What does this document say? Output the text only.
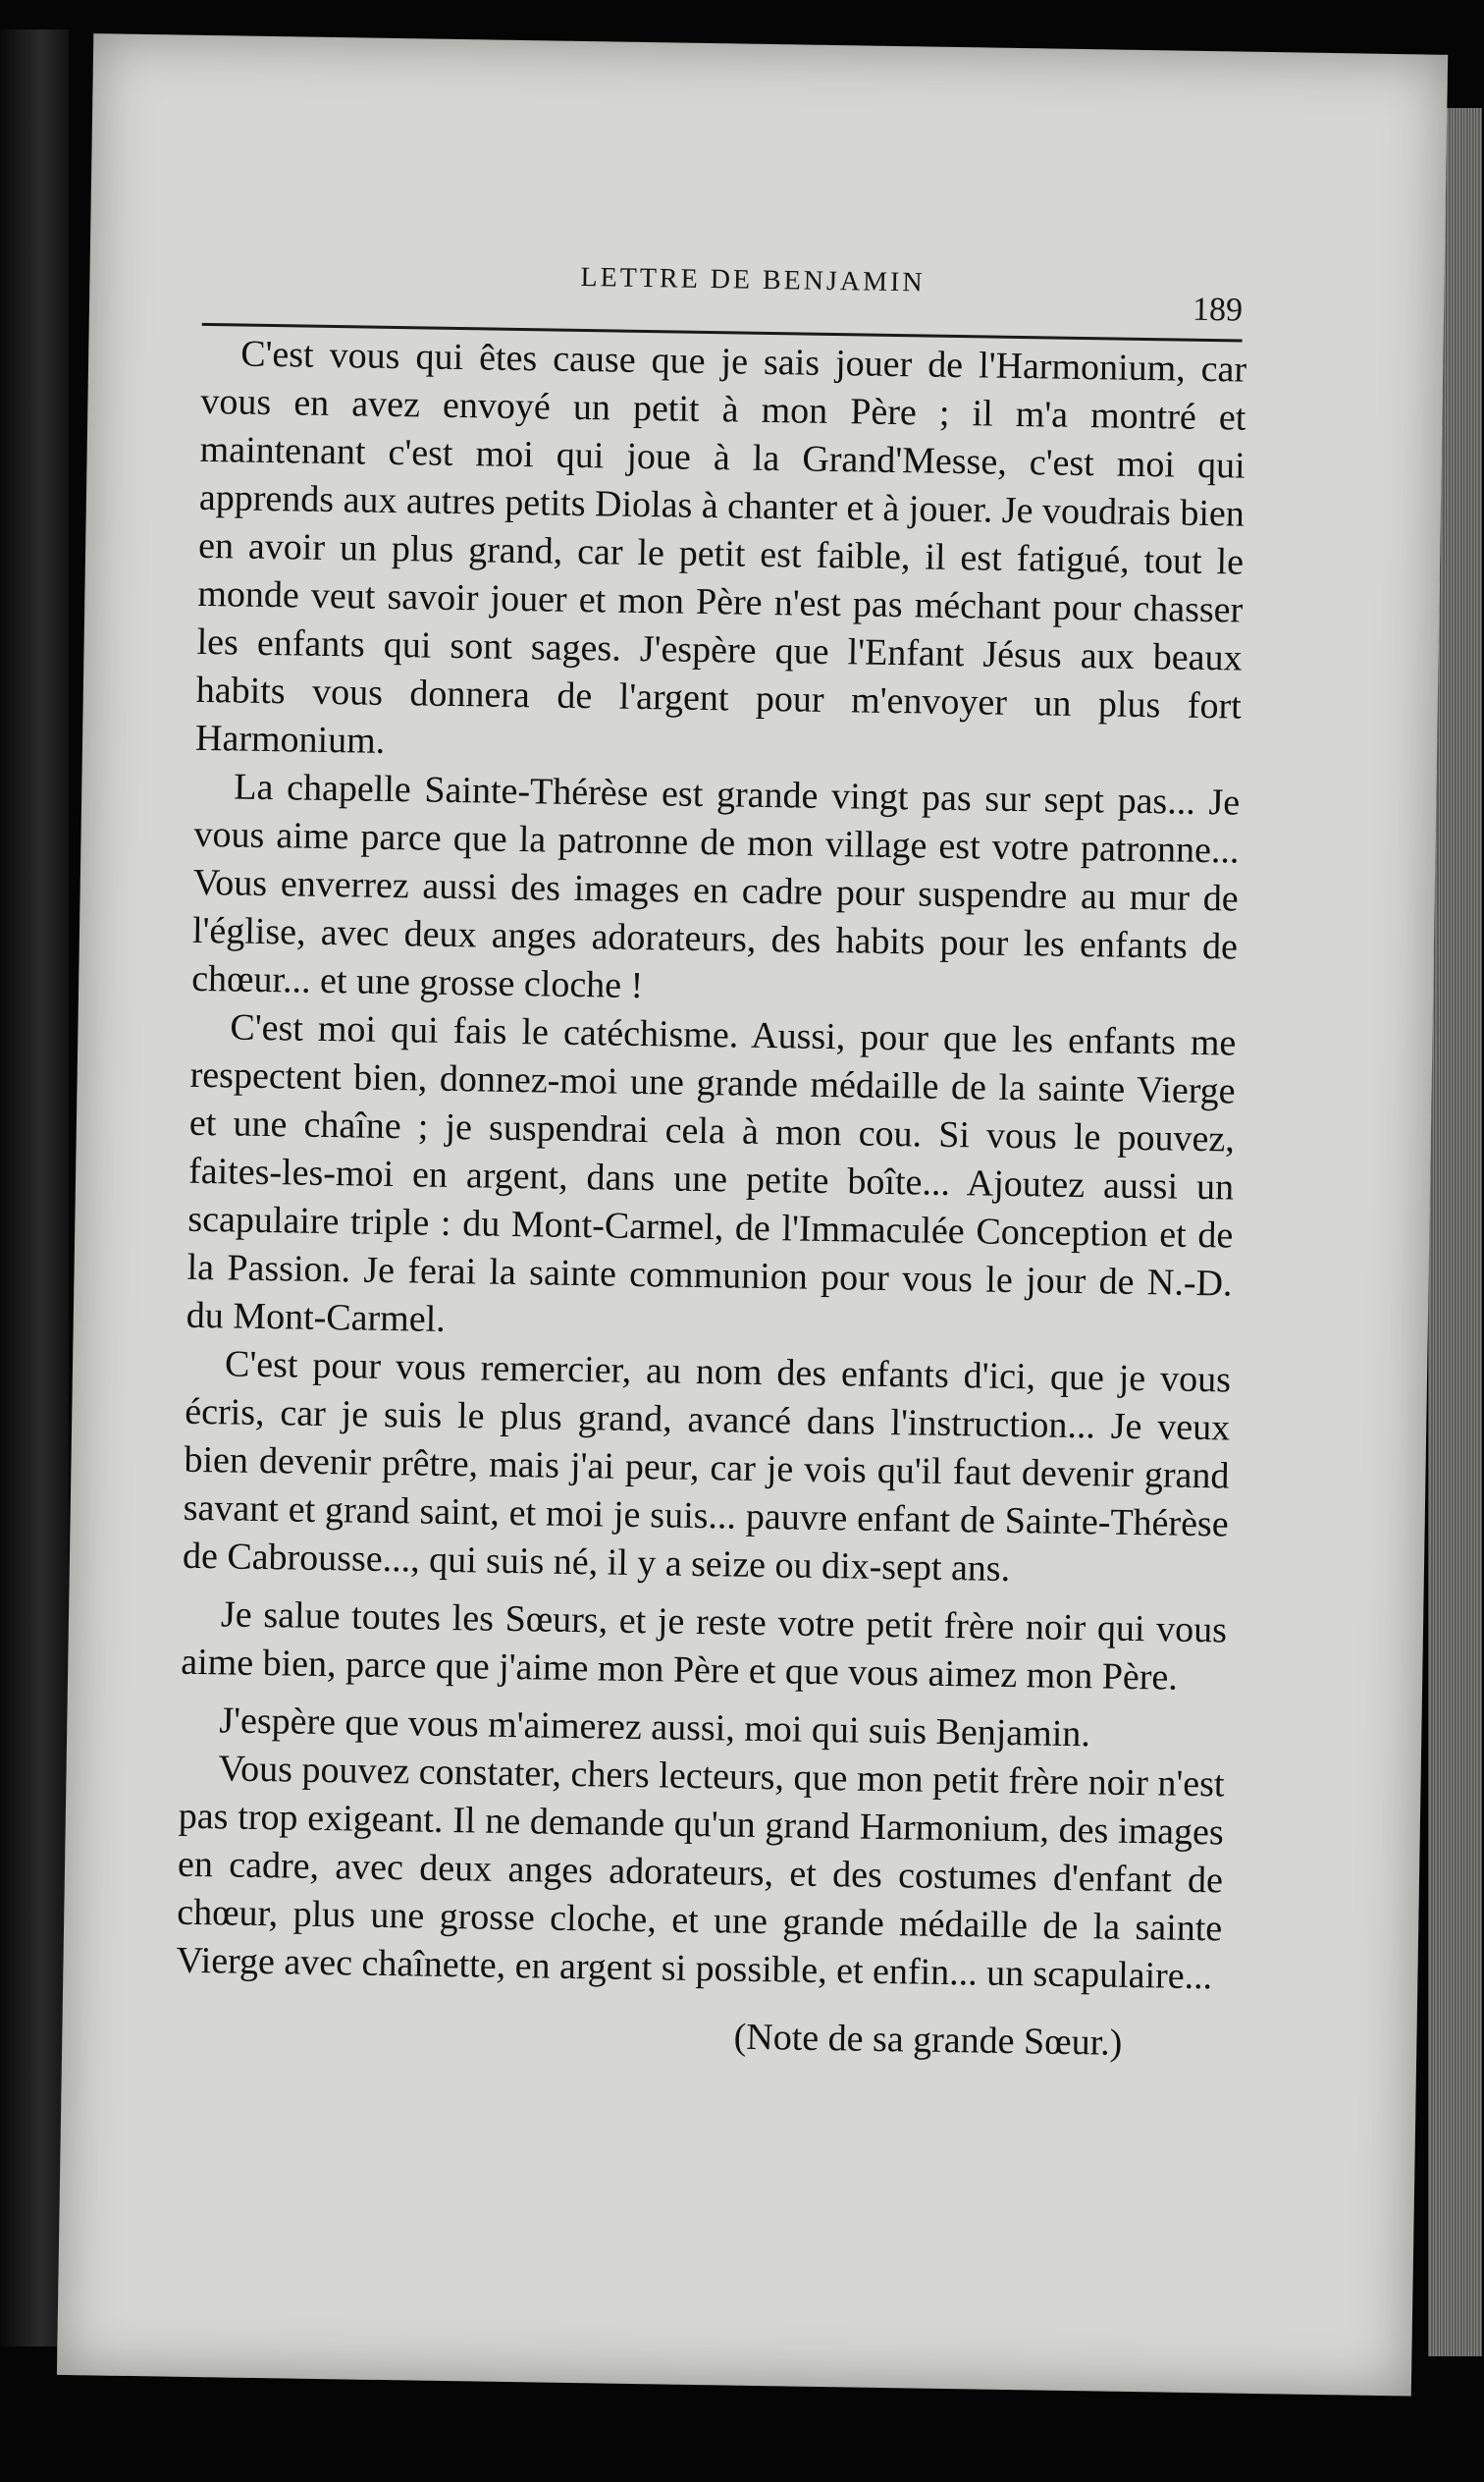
LETTRE DE BENJAMIN
189

C'est vous qui êtes cause que je sais jouer de l'Harmonium, car vous en avez envoyé un petit à mon Père ; il m'a montré et maintenant c'est moi qui joue à la Grand'Messe, c'est moi qui apprends aux autres petits Diolas à chanter et à jouer. Je voudrais bien en avoir un plus grand, car le petit est faible, il est fatigué, tout le monde veut savoir jouer et mon Père n'est pas méchant pour chasser les enfants qui sont sages. J'espère que l'Enfant Jésus aux beaux habits vous donnera de l'argent pour m'envoyer un plus fort Harmonium.

La chapelle Sainte-Thérèse est grande vingt pas sur sept pas... Je vous aime parce que la patronne de mon village est votre patronne... Vous enverrez aussi des images en cadre pour suspendre au mur de l'église, avec deux anges adorateurs, des habits pour les enfants de chœur... et une grosse cloche !

C'est moi qui fais le catéchisme. Aussi, pour que les enfants me respectent bien, donnez-moi une grande médaille de la sainte Vierge et une chaîne ; je suspendrai cela à mon cou. Si vous le pouvez, faites-les-moi en argent, dans une petite boîte... Ajoutez aussi un scapulaire triple : du Mont-Carmel, de l'Immaculée Conception et de la Passion. Je ferai la sainte communion pour vous le jour de N.-D. du Mont-Carmel.

C'est pour vous remercier, au nom des enfants d'ici, que je vous écris, car je suis le plus grand, avancé dans l'instruction... Je veux bien devenir prêtre, mais j'ai peur, car je vois qu'il faut devenir grand savant et grand saint, et moi je suis... pauvre enfant de Sainte-Thérèse de Cabrousse..., qui suis né, il y a seize ou dix-sept ans.

Je salue toutes les Sœurs, et je reste votre petit frère noir qui vous aime bien, parce que j'aime mon Père et que vous aimez mon Père.

J'espère que vous m'aimerez aussi, moi qui suis Benjamin.

Vous pouvez constater, chers lecteurs, que mon petit frère noir n'est pas trop exigeant. Il ne demande qu'un grand Harmonium, des images en cadre, avec deux anges adorateurs, et des costumes d'enfant de chœur, plus une grosse cloche, et une grande médaille de la sainte Vierge avec chaînette, en argent si possible, et enfin... un scapulaire...

(Note de sa grande Sœur.)
